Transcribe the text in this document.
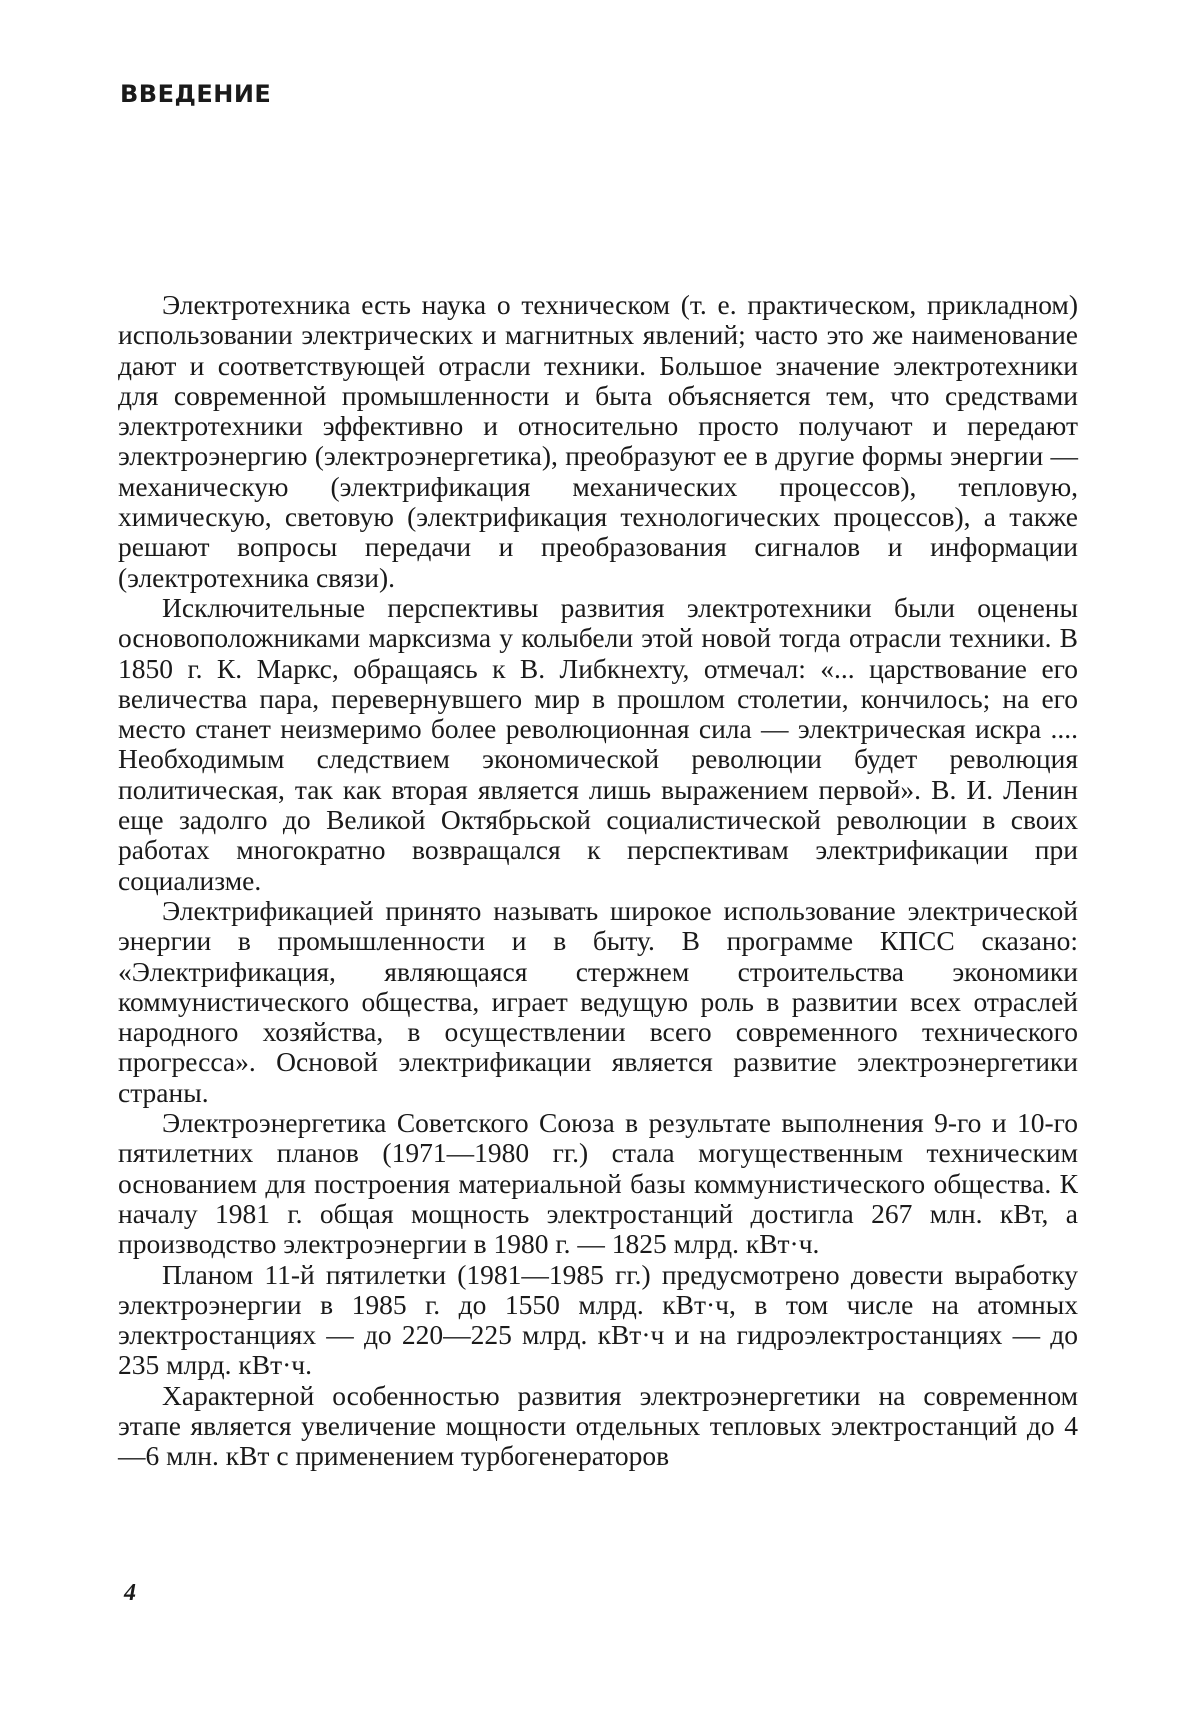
ВВЕДЕНИЕ

Электротехника есть наука о техническом (т. е. практическом, прикладном) использовании электрических и магнитных явлений; часто это же наименование дают и соответствующей отрасли техники. Большое значение электротехники для современной промышленности и быта объясняется тем, что средствами электротехники эффективно и относительно просто получают и передают электроэнергию (электроэнергетика), преобразуют ее в другие формы энергии — механическую (электрификация механических процессов), тепловую, химическую, световую (электрификация технологических процессов), а также решают вопросы передачи и преобразования сигналов и информации (электротехника связи).

Исключительные перспективы развития электротехники были оценены основоположниками марксизма у колыбели этой новой тогда отрасли техники. В 1850 г. К. Маркс, обращаясь к В. Либкнехту, отмечал: «... царствование его величества пара, перевернувшего мир в прошлом столетии, кончилось; на его место станет неизмеримо более революционная сила — электрическая искра .... Необходимым следствием экономической революции будет революция политическая, так как вторая является лишь выражением первой». В. И. Ленин еще задолго до Великой Октябрьской социалистической революции в своих работах многократно возвращался к перспективам электрификации при социализме.

Электрификацией принято называть широкое использование электрической энергии в промышленности и в быту. В программе КПСС сказано: «Электрификация, являющаяся стержнем строительства экономики коммунистического общества, играет ведущую роль в развитии всех отраслей народного хозяйства, в осуществлении всего современного технического прогресса». Основой электрификации является развитие электроэнергетики страны.

Электроэнергетика Советского Союза в результате выполнения 9-го и 10-го пятилетних планов (1971—1980 гг.) стала могущественным техническим основанием для построения материальной базы коммунистического общества. К началу 1981 г. общая мощность электростанций достигла 267 млн. кВт, а производство электроэнергии в 1980 г. — 1825 млрд. кВт·ч.

Планом 11-й пятилетки (1981—1985 гг.) предусмотрено довести выработку электроэнергии в 1985 г. до 1550 млрд. кВт·ч, в том числе на атомных электростанциях — до 220—225 млрд. кВт·ч и на гидроэлектростанциях — до 235 млрд. кВт·ч.

Характерной особенностью развития электроэнергетики на современном этапе является увеличение мощности отдельных тепловых электростанций до 4—6 млн. кВт с применением турбогенераторов

4
